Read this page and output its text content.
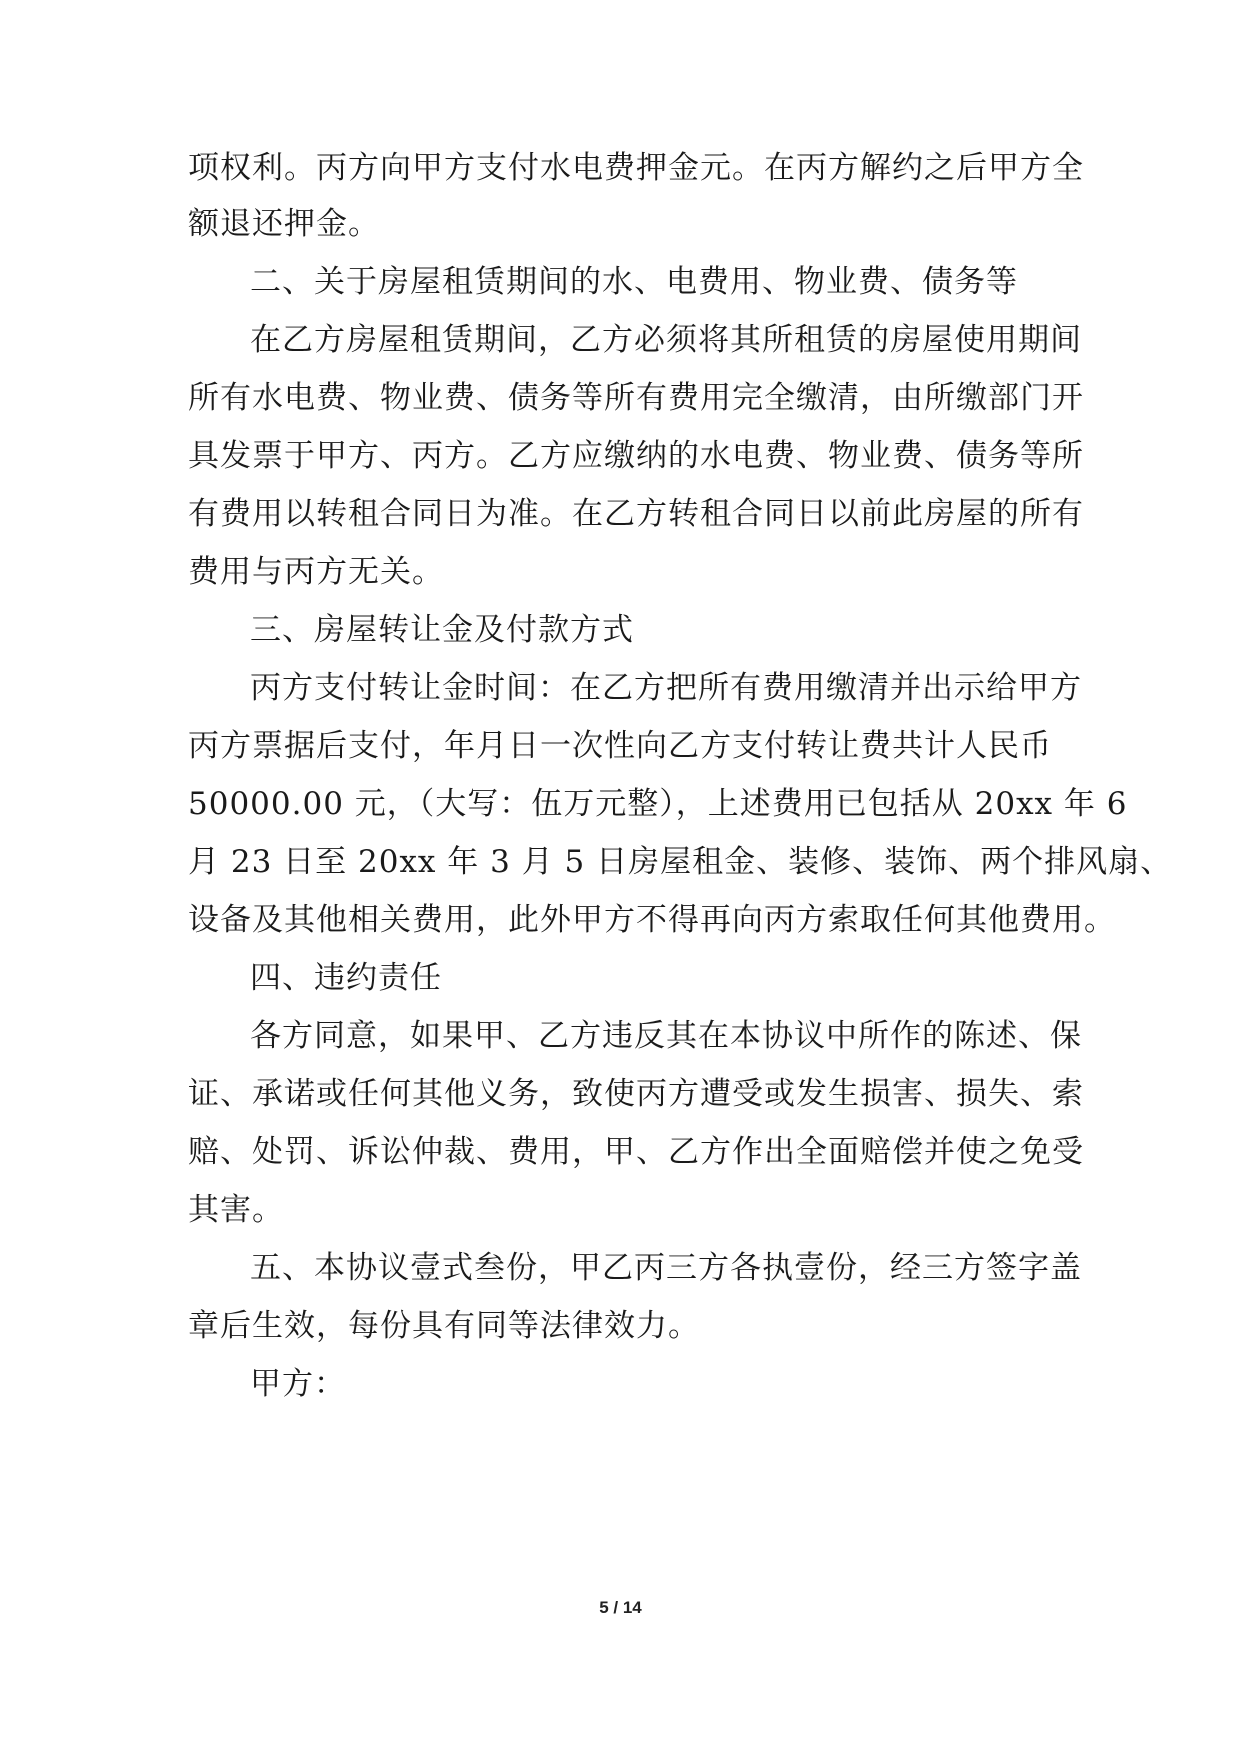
项权利。丙方向甲方支付水电费押金元。在丙方解约之后甲方全
额退还押金。
二、关于房屋租赁期间的水、电费用、物业费、债务等
在乙方房屋租赁期间，乙方必须将其所租赁的房屋使用期间
所有水电费、物业费、债务等所有费用完全缴清，由所缴部门开
具发票于甲方、丙方。乙方应缴纳的水电费、物业费、债务等所
有费用以转租合同日为准。在乙方转租合同日以前此房屋的所有
费用与丙方无关。
三、房屋转让金及付款方式
丙方支付转让金时间：在乙方把所有费用缴清并出示给甲方
丙方票据后支付，年月日一次性向乙方支付转让费共计人民币
50000.00 元，（大写：伍万元整），上述费用已包括从 20xx 年 6
月 23 日至 20xx 年 3 月 5 日房屋租金、装修、装饰、两个排风扇、
设备及其他相关费用，此外甲方不得再向丙方索取任何其他费用。
四、违约责任
各方同意，如果甲、乙方违反其在本协议中所作的陈述、保
证、承诺或任何其他义务，致使丙方遭受或发生损害、损失、索
赔、处罚、诉讼仲裁、费用，甲、乙方作出全面赔偿并使之免受
其害。
五、本协议壹式叁份，甲乙丙三方各执壹份，经三方签字盖
章后生效，每份具有同等法律效力。
甲方：
5 / 14
